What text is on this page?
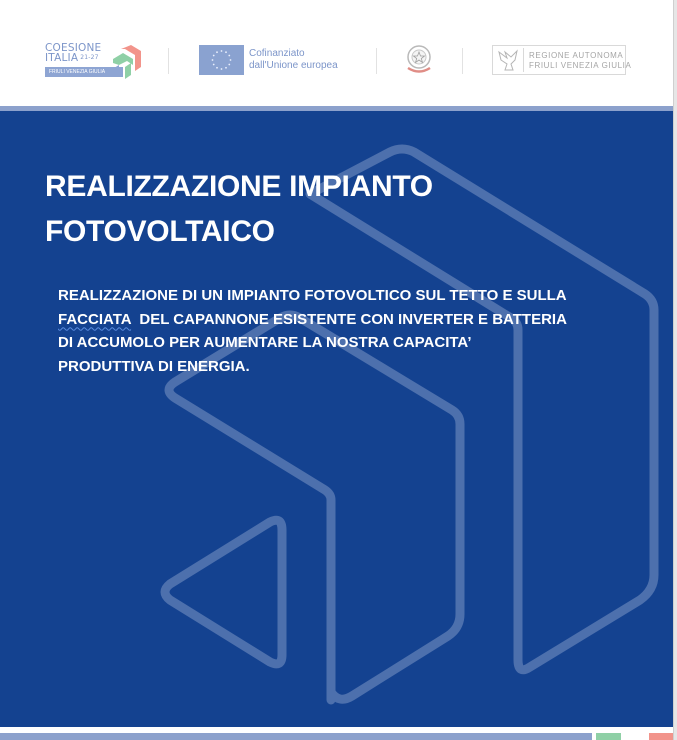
COESIONE
ITALIA 21-27
FRIULI VENEZIA GIULIA
Cofinanziato
dall'Unione europea
REGIONE AUTONOMA
FRIULI VENEZIA GIULIA
REALIZZAZIONE IMPIANTO
FOTOVOLTAICO
REALIZZAZIONE DI UN IMPIANTO FOTOVOLTICO SUL TETTO E SULLA
FACCIATA  DEL CAPANNONE ESISTENTE CON INVERTER E BATTERIA
DI ACCUMOLO PER AUMENTARE LA NOSTRA CAPACITA’
PRODUTTIVA DI ENERGIA.
